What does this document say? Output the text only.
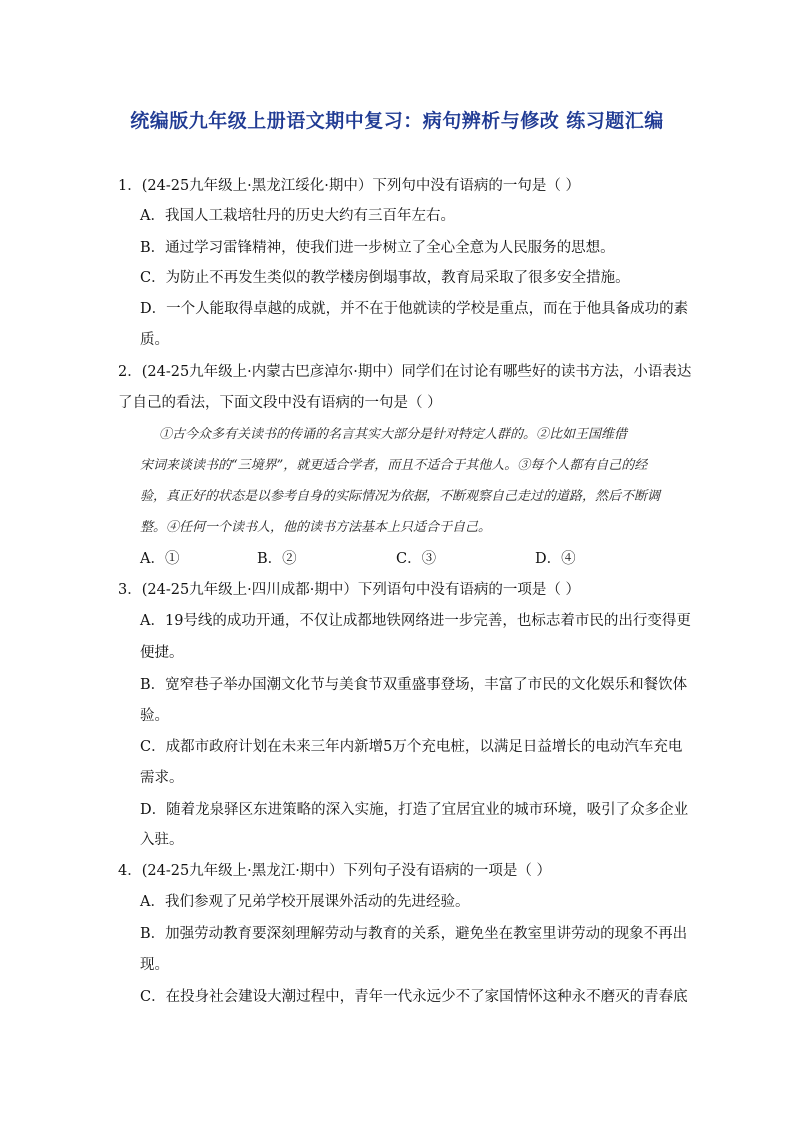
统编版九年级上册语文期中复习：病句辨析与修改 练习题汇编
1．(24-25九年级上·黑龙江绥化·期中）下列句中没有语病的一句是（ ）
A．我国人工栽培牡丹的历史大约有三百年左右。
B．通过学习雷锋精神，使我们进一步树立了全心全意为人民服务的思想。
C．为防止不再发生类似的教学楼房倒塌事故，教育局采取了很多安全措施。
D．一个人能取得卓越的成就，并不在于他就读的学校是重点，而在于他具备成功的素
质。
2．(24-25九年级上·内蒙古巴彦淖尔·期中）同学们在讨论有哪些好的读书方法，小语表达
了自己的看法，下面文段中没有语病的一句是（ ）
①古今众多有关读书的传诵的名言其实大部分是针对特定人群的。②比如王国维借
宋词来谈读书的“三境界”，就更适合学者，而且不适合于其他人。③每个人都有自己的经
验，真正好的状态是以参考自身的实际情况为依据，不断观察自己走过的道路，然后不断调
整。④任何一个读书人，他的读书方法基本上只适合于自己。
A．①	B．②	C．③	D．④
3．(24-25九年级上·四川成都·期中）下列语句中没有语病的一项是（ ）
A．19号线的成功开通，不仅让成都地铁网络进一步完善，也标志着市民的出行变得更
便捷。
B．宽窄巷子举办国潮文化节与美食节双重盛事登场，丰富了市民的文化娱乐和餐饮体
验。
C．成都市政府计划在未来三年内新增5万个充电桩，以满足日益增长的电动汽车充电
需求。
D．随着龙泉驿区东进策略的深入实施，打造了宜居宜业的城市环境，吸引了众多企业
入驻。
4．(24-25九年级上·黑龙江·期中）下列句子没有语病的一项是（ ）
A．我们参观了兄弟学校开展课外活动的先进经验。
B．加强劳动教育要深刻理解劳动与教育的关系，避免坐在教室里讲劳动的现象不再出
现。
C．在投身社会建设大潮过程中，青年一代永远少不了家国情怀这种永不磨灭的青春底
